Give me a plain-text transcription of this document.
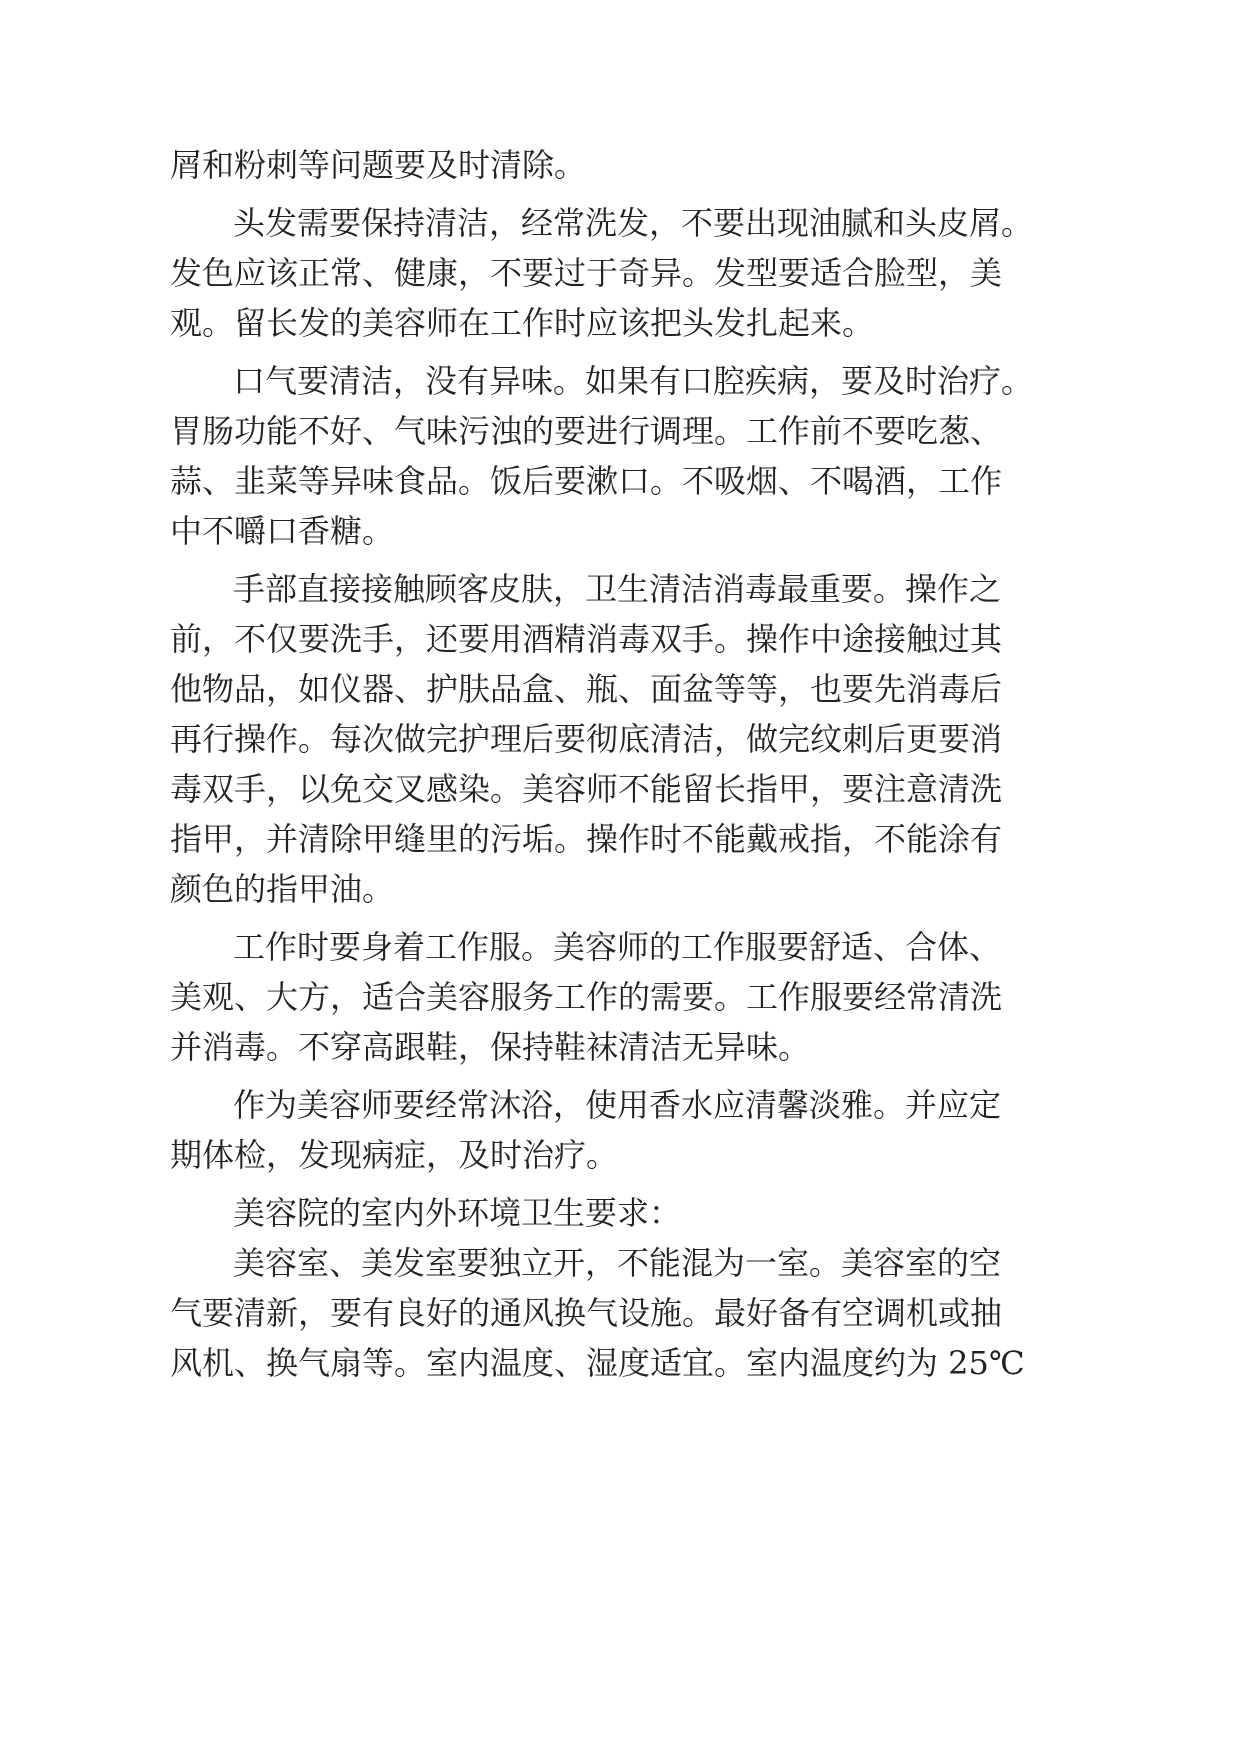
屑和粉刺等问题要及时清除。
头发需要保持清洁，经常洗发，不要出现油腻和头皮屑。
发色应该正常、健康，不要过于奇异。发型要适合脸型，美
观。留长发的美容师在工作时应该把头发扎起来。
口气要清洁，没有异味。如果有口腔疾病，要及时治疗。
胃肠功能不好、气味污浊的要进行调理。工作前不要吃葱、
蒜、韭菜等异味食品。饭后要漱口。不吸烟、不喝酒，工作
中不嚼口香糖。
手部直接接触顾客皮肤，卫生清洁消毒最重要。操作之
前，不仅要洗手，还要用酒精消毒双手。操作中途接触过其
他物品，如仪器、护肤品盒、瓶、面盆等等，也要先消毒后
再行操作。每次做完护理后要彻底清洁，做完纹刺后更要消
毒双手，以免交叉感染。美容师不能留长指甲，要注意清洗
指甲，并清除甲缝里的污垢。操作时不能戴戒指，不能涂有
颜色的指甲油。
工作时要身着工作服。美容师的工作服要舒适、合体、
美观、大方，适合美容服务工作的需要。工作服要经常清洗
并消毒。不穿高跟鞋，保持鞋袜清洁无异味。
作为美容师要经常沐浴，使用香水应清馨淡雅。并应定
期体检，发现病症，及时治疗。
美容院的室内外环境卫生要求：
美容室、美发室要独立开，不能混为一室。美容室的空
气要清新，要有良好的通风换气设施。最好备有空调机或抽
风机、换气扇等。室内温度、湿度适宜。室内温度约为 25℃
